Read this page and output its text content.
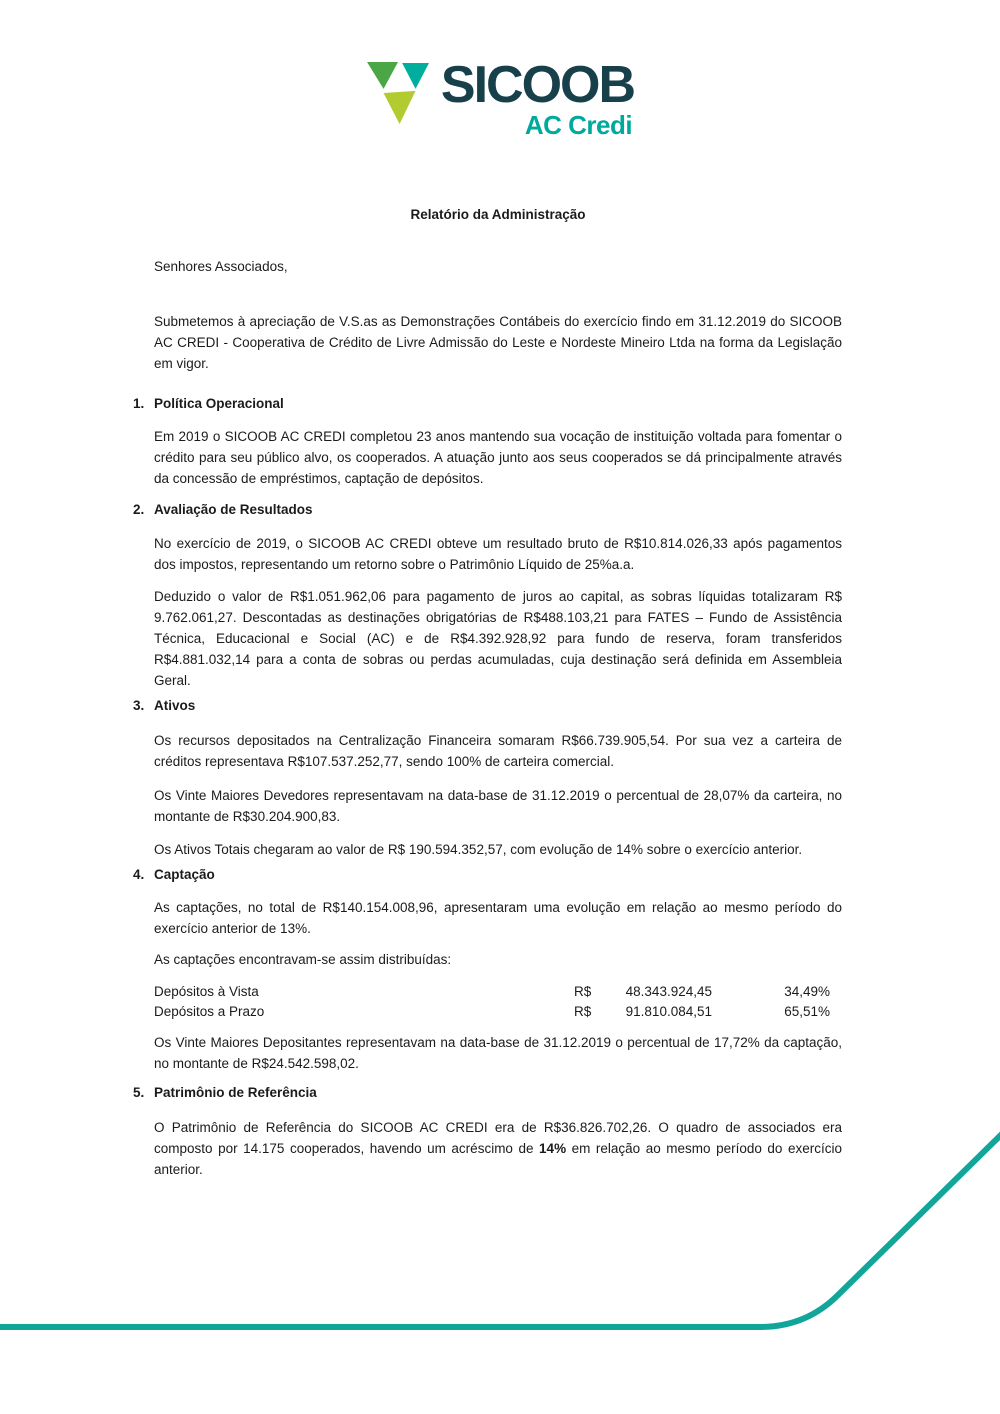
SICOOB
AC Credi
Relatório da Administração

Senhores Associados,

Submetemos à apreciação de V.S.as as Demonstrações Contábeis do exercício findo em 31.12.2019 do SICOOB AC CREDI - Cooperativa de Crédito de Livre Admissão do Leste e Nordeste Mineiro Ltda na forma da Legislação em vigor.

1. Política Operacional

Em 2019 o SICOOB AC CREDI completou 23 anos mantendo sua vocação de instituição voltada para fomentar o crédito para seu público alvo, os cooperados. A atuação junto aos seus cooperados se dá principalmente através da concessão de empréstimos, captação de depósitos.

2. Avaliação de Resultados

No exercício de 2019, o SICOOB AC CREDI obteve um resultado bruto de R$10.814.026,33 após pagamentos dos impostos, representando um retorno sobre o Patrimônio Líquido de 25%a.a.

Deduzido o valor de R$1.051.962,06 para pagamento de juros ao capital, as sobras líquidas totalizaram R$ 9.762.061,27. Descontadas as destinações obrigatórias de R$488.103,21 para FATES – Fundo de Assistência Técnica, Educacional e Social (AC) e de R$4.392.928,92 para fundo de reserva, foram transferidos R$4.881.032,14 para a conta de sobras ou perdas acumuladas, cuja destinação será definida em Assembleia Geral.

3. Ativos

Os recursos depositados na Centralização Financeira somaram R$66.739.905,54. Por sua vez a carteira de créditos representava R$107.537.252,77, sendo 100% de carteira comercial.

Os Vinte Maiores Devedores representavam na data-base de 31.12.2019 o percentual de 28,07% da carteira, no montante de R$30.204.900,83.

Os Ativos Totais chegaram ao valor de R$ 190.594.352,57, com evolução de 14% sobre o exercício anterior.

4. Captação

As captações, no total de R$140.154.008,96, apresentaram uma evolução em relação ao mesmo período do exercício anterior de 13%.

As captações encontravam-se assim distribuídas:

Depósitos à Vista	R$	48.343.924,45	34,49%
Depósitos a Prazo	R$	91.810.084,51	65,51%

Os Vinte Maiores Depositantes representavam na data-base de 31.12.2019 o percentual de 17,72% da captação, no montante de R$24.542.598,02.

5. Patrimônio de Referência

O Patrimônio de Referência do SICOOB AC CREDI era de R$36.826.702,26. O quadro de associados era composto por 14.175 cooperados, havendo um acréscimo de 14% em relação ao mesmo período do exercício anterior.
